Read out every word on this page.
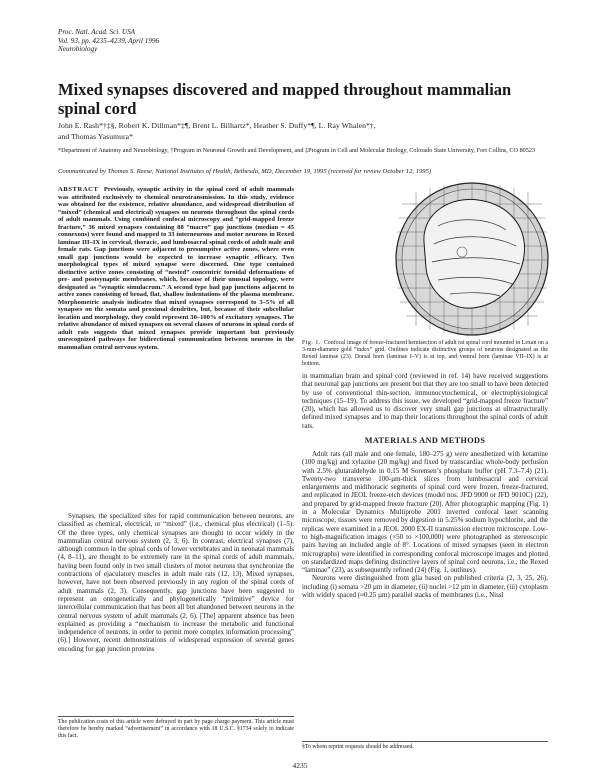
Proc. Natl. Acad. Sci. USA
Vol. 93, pp. 4235–4239, April 1996
Neurobiology
Mixed synapses discovered and mapped throughout mammalian spinal cord
John E. Rash*†‡§, Robert K. Dillman*‡¶, Brent L. Bilhartz*, Heather S. Duffy*¶, L. Ray Whalen*†,
and Thomas Yasumura*
*Department of Anatomy and Neurobiology, †Program in Neuronal Growth and Development, and ‡Program in Cell and Molecular Biology, Colorado State University, Fort Collins, CO 80523
Communicated by Thomas S. Reese, National Institutes of Health, Bethesda, MD, December 19, 1995 (received for review October 12, 1995)
ABSTRACT Previously, synaptic activity in the spinal cord of adult mammals was attributed exclusively to chemical neurotransmission. In this study, evidence was obtained for the existence, relative abundance, and widespread distribution of “mixed” (chemical and electrical) synapses on neurons throughout the spinal cords of adult mammals. Using combined confocal microscopy and “grid-mapped freeze fracture,” 36 mixed synapses containing 88 “macro” gap junctions (median = 45 connexons) were found and mapped to 33 interneurons and motor neurons in Rexed laminae III–IX in cervical, thoracic, and lumbosacral spinal cords of adult male and female rats. Gap junctions were adjacent to presumptive active zones, where even small gap junctions would be expected to increase synaptic efficacy. Two morphological types of mixed synapse were discerned. One type contained distinctive active zones consisting of “nested” concentric toroidal deformations of pre- and postsynaptic membranes, which, because of their unusual topology, were designated as “synaptic simulacrum.” A second type had gap junctions adjacent to active zones consisting of broad, flat, shallow indentations of the plasma membrane. Morphometric analysis indicates that mixed synapses correspond to 3–5% of all synapses on the somata and proximal dendrites, but, because of their subcellular location and morphology, they could represent 30–100% of excitatory synapses. The relative abundance of mixed synapses on several classes of neurons in spinal cords of adult rats suggests that mixed synapses provide important but previously unrecognized pathways for bidirectional communication between neurons in the mammalian central nervous system.
Fig. 1. Confocal image of freeze-fractured hemisection of adult rat spinal cord mounted in Lexan on a 3-mm-diameter gold “index” grid. Outlines indicate distinctive groups of neurons designated as the Rexed laminae (23). Dorsal horn (laminae I–V) is at top, and ventral horn (laminae VII–IX) is at bottom.
in mammalian brain and spinal cord (reviewed in ref. 14) have received suggestions that neuronal gap junctions are present but that they are too small to have been detected by use of conventional thin-section, immunocytochemical, or electrophysiological techniques (15–19). To address this issue, we developed “grid-mapped freeze fracture” (20), which has allowed us to discover very small gap junctions at ultrastructurally defined mixed synapses and to map their locations throughout the spinal cords of adult rats.
MATERIALS AND METHODS
Adult rats (all male and one female, 180–275 g) were anesthetized with ketamine (100 mg/kg) and xylazine (20 mg/kg) and fixed by transcardiac whole-body perfusion with 2.5% glutaraldehyde in 0.15 M Sorensen’s phosphate buffer (pH 7.3–7.4) (21). Twenty-two transverse 100-µm-thick slices from lumbosacral and cervical enlargements and midthoracic segments of spinal cord were frozen, freeze-fractured, and replicated in JEOL freeze-etch devices (model nos. JFD 9000 or JFD 9010C) (22), and prepared by grid-mapped freeze fracture (20). After photographic mapping (Fig. 1) in a Molecular Dynamics Multiprobe 2001 inverted confocal laser scanning microscope, tissues were removed by digestion in 5.25% sodium hypochlorite, and the replicas were examined in a JEOL 2000 EX-II transmission electron microscope. Low- to high-magnification images (×50 to ×100,000) were photographed as stereoscopic pairs having an included angle of 8°. Locations of mixed synapses (seen in electron micrographs) were identified in corresponding confocal microscope images and plotted on standardized maps defining distinctive layers of spinal cord neurons, i.e., the Rexed “laminae” (23), as subsequently refined (24) (Fig. 1, outlines).
Neurons were distinguished from glia based on published criteria (2, 3, 25, 26), including (i) somata >20 µm in diameter, (ii) nuclei >12 µm in diameter, (iii) cytoplasm with widely spaced (≈0.25 µm) parallel stacks of membranes (i.e., Nissl
Synapses, the specialized sites for rapid communication between neurons, are classified as chemical, electrical, or “mixed” (i.e., chemical plus electrical) (1–5). Of the three types, only chemical synapses are thought to occur widely in the mammalian central nervous system (2, 3, 6). In contrast, electrical synapses (7), although common in the spinal cords of lower vertebrates and in neonatal mammals (4, 8–11), are thought to be extremely rare in the spinal cords of adult mammals, having been found only in two small clusters of motor neurons that synchronize the contractions of ejaculatory muscles in adult male rats (12, 13). Mixed synapses, however, have not been observed previously in any region of the spinal cords of adult mammals (2, 3). Consequently, gap junctions have been suggested to represent an ontogenetically and phylogenetically “primitive” device for intercellular communication that has been all but abandoned between neurons in the central nervous system of adult mammals (2, 6). [The] apparent absence has been explained as providing a “mechanism to increase the metabolic and functional independence of neurons, in order to permit more complex information processing” (6).] However, recent demonstrations of widespread expression of several genes encoding for gap junction proteins
The publication costs of this article were defrayed in part by page charge payment. This article must therefore be hereby marked “advertisement” in accordance with 18 U.S.C. §1734 solely to indicate this fact.
§To whom reprint requests should be addressed.
4235
